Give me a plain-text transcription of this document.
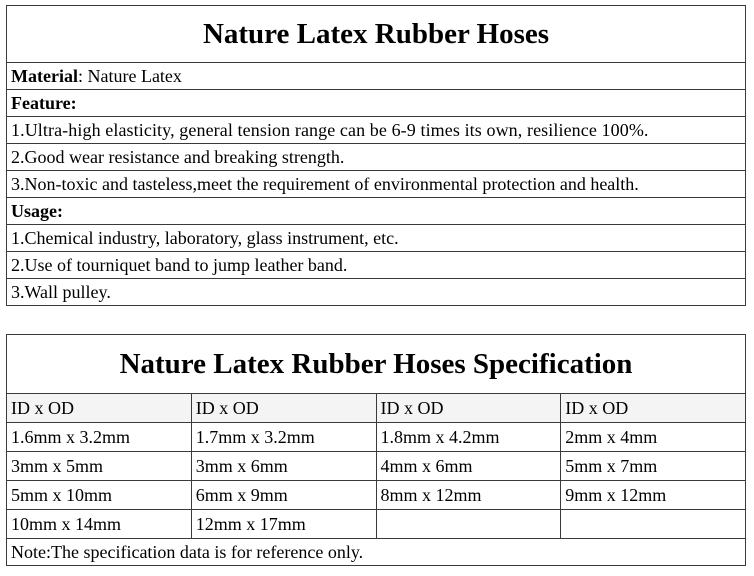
Nature Latex Rubber Hoses
Material: Nature Latex
Feature:
1.Ultra-high elasticity, general tension range can be 6-9 times its own, resilience 100%.
2.Good wear resistance and breaking strength.
3.Non-toxic and tasteless,meet the requirement of environmental protection and health.
Usage:
1.Chemical industry, laboratory, glass instrument, etc.
2.Use of tourniquet band to jump leather band.
3.Wall pulley.
Nature Latex Rubber Hoses Specification			
ID x OD	ID x OD	ID x OD	ID x OD
1.6mm x 3.2mm	1.7mm x 3.2mm	1.8mm x 4.2mm	2mm x 4mm
3mm x 5mm	3mm x 6mm	4mm x 6mm	5mm x 7mm
5mm x 10mm	6mm x 9mm	8mm x 12mm	9mm x 12mm
10mm x 14mm	12mm x 17mm		
Note:The specification data is for reference only.			
